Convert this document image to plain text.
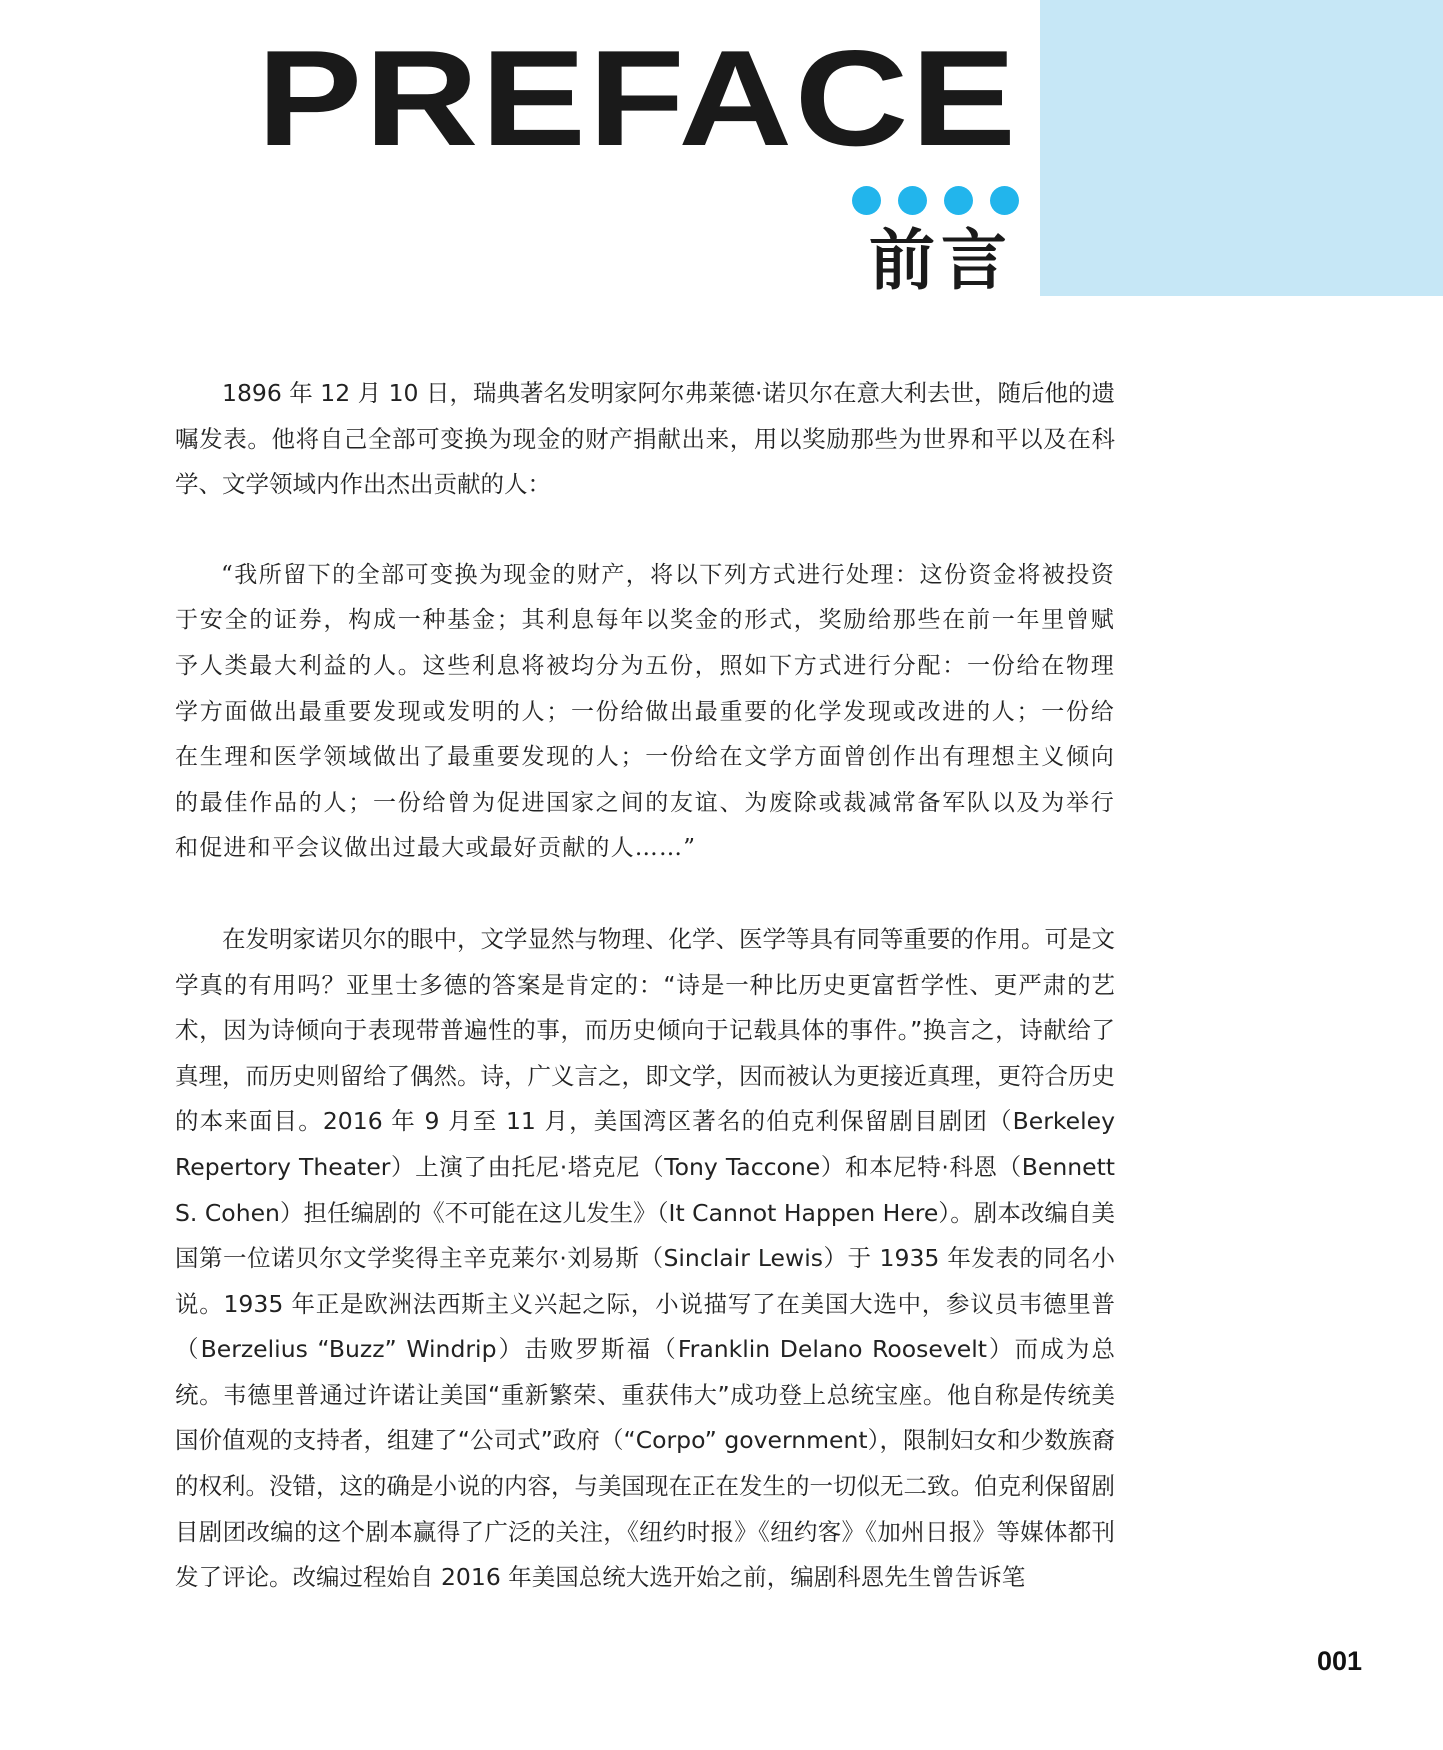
PREFACE
前言

1896 年 12 月 10 日，瑞典著名发明家阿尔弗莱德·诺贝尔在意大利去世，随后他的遗嘱发表。他将自己全部可变换为现金的财产捐献出来，用以奖励那些为世界和平以及在科学、文学领域内作出杰出贡献的人：

“我所留下的全部可变换为现金的财产，将以下列方式进行处理：这份资金将被投资于安全的证券，构成一种基金；其利息每年以奖金的形式，奖励给那些在前一年里曾赋予人类最大利益的人。这些利息将被均分为五份，照如下方式进行分配：一份给在物理学方面做出最重要发现或发明的人；一份给做出最重要的化学发现或改进的人；一份给在生理和医学领域做出了最重要发现的人；一份给在文学方面曾创作出有理想主义倾向的最佳作品的人；一份给曾为促进国家之间的友谊、为废除或裁减常备军队以及为举行和促进和平会议做出过最大或最好贡献的人……”

在发明家诺贝尔的眼中，文学显然与物理、化学、医学等具有同等重要的作用。可是文学真的有用吗？亚里士多德的答案是肯定的：“诗是一种比历史更富哲学性、更严肃的艺术，因为诗倾向于表现带普遍性的事，而历史倾向于记载具体的事件。”换言之，诗献给了真理，而历史则留给了偶然。诗，广义言之，即文学，因而被认为更接近真理，更符合历史的本来面目。2016 年 9 月至 11 月，美国湾区著名的伯克利保留剧目剧团（Berkeley Repertory Theater）上演了由托尼·塔克尼（Tony Taccone）和本尼特·科恩（Bennett S. Cohen）担任编剧的《不可能在这儿发生》（It Cannot Happen Here）。剧本改编自美国第一位诺贝尔文学奖得主辛克莱尔·刘易斯（Sinclair Lewis）于 1935 年发表的同名小说。1935 年正是欧洲法西斯主义兴起之际，小说描写了在美国大选中，参议员韦德里普（Berzelius “Buzz” Windrip）击败罗斯福（Franklin Delano Roosevelt）而成为总统。韦德里普通过许诺让美国“重新繁荣、重获伟大”成功登上总统宝座。他自称是传统美国价值观的支持者，组建了“公司式”政府（“Corpo” government），限制妇女和少数族裔的权利。没错，这的确是小说的内容，与美国现在正在发生的一切似无二致。伯克利保留剧目剧团改编的这个剧本赢得了广泛的关注，《纽约时报》《纽约客》《加州日报》等媒体都刊发了评论。改编过程始自 2016 年美国总统大选开始之前，编剧科恩先生曾告诉笔

001
